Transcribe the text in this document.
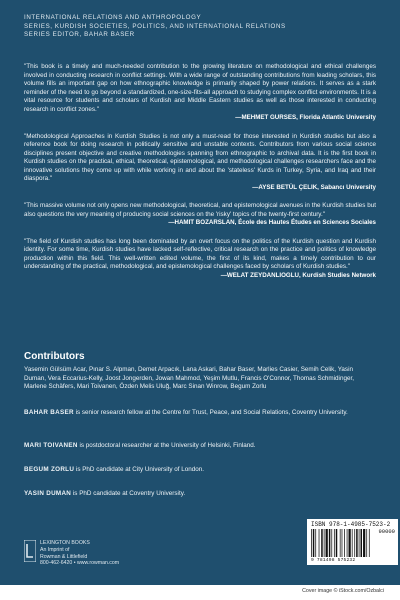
INTERNATIONAL RELATIONS AND ANTHROPOLOGY
SERIES, KURDISH SOCIETIES, POLITICS, AND INTERNATIONAL RELATIONS
SERIES EDITOR, BAHAR BASER

"This book is a timely and much-needed contribution to the growing literature on methodological and ethical challenges involved in conducting research in conflict settings. With a wide range of outstanding contributions from leading scholars, this volume fills an important gap on how ethnographic knowledge is primarily shaped by power relations. It serves as a stark reminder of the need to go beyond a standardized, one-size-fits-all approach to studying complex conflict environments. It is a vital resource for students and scholars of Kurdish and Middle Eastern studies as well as those interested in conducting research in conflict zones."

—MEHMET GURSES, Florida Atlantic University

"Methodological Approaches in Kurdish Studies is not only a must-read for those interested in Kurdish studies but also a reference book for doing research in politically sensitive and unstable contexts. Contributors from various social science disciplines present objective and creative methodologies spanning from ethnographic to archival data. It is the first book in Kurdish studies on the practical, ethical, theoretical, epistemological, and methodological challenges researchers face and the innovative solutions they come up with while working in and about the 'stateless' Kurds in Turkey, Syria, and Iraq and their diaspora."

—AYSE BETÜL ÇELIK, Sabancı University

"This massive volume not only opens new methodological, theoretical, and epistemological avenues in the Kurdish studies but also questions the very meaning of producing social sciences on the 'risky' topics of the twenty-first century."

—HAMIT BOZARSLAN, École des Hautes Études en Sciences Sociales

"The field of Kurdish studies has long been dominated by an overt focus on the politics of the Kurdish question and Kurdish identity. For some time, Kurdish studies have lacked self-reflective, critical research on the practice and politics of knowledge production within this field. This well-written edited volume, the first of its kind, makes a timely contribution to our understanding of the practical, methodological, and epistemological challenges faced by scholars of Kurdish studies."

—WELAT ZEYDANLIOGLU, Kurdish Studies Network
Contributors
Yasemin Gülsüm Acar, Pınar S. Alpman, Demet Arpacık, Lana Askari, Bahar Baser, Marlies Casier, Semih Celik, Yasin Duman, Vera Eccarius-Kelly, Joost Jongerden, Jowan Mahmod, Yeşim Mutlu, Francis O'Connor, Thomas Schmidinger, Marlene Schäfers, Mari Toivanen, Özden Melis Uluğ, Marc Sinan Winrow, Begum Zorlu
BAHAR BASER is senior research fellow at the Centre for Trust, Peace, and Social Relations, Coventry University.
MARI TOIVANEN is postdoctoral researcher at the University of Helsinki, Finland.
BEGUM ZORLU is PhD candidate at City University of London.
YASIN DUMAN is PhD candidate at Coventry University.
LEXINGTON BOOKS
An Imprint of
Rowman & Littlefield
800-462-6420 • www.rowman.com
ISBN 978-1-4985-7523-2
90000
9 781498 575232
Cover image © iStock.com/Ozbalci
